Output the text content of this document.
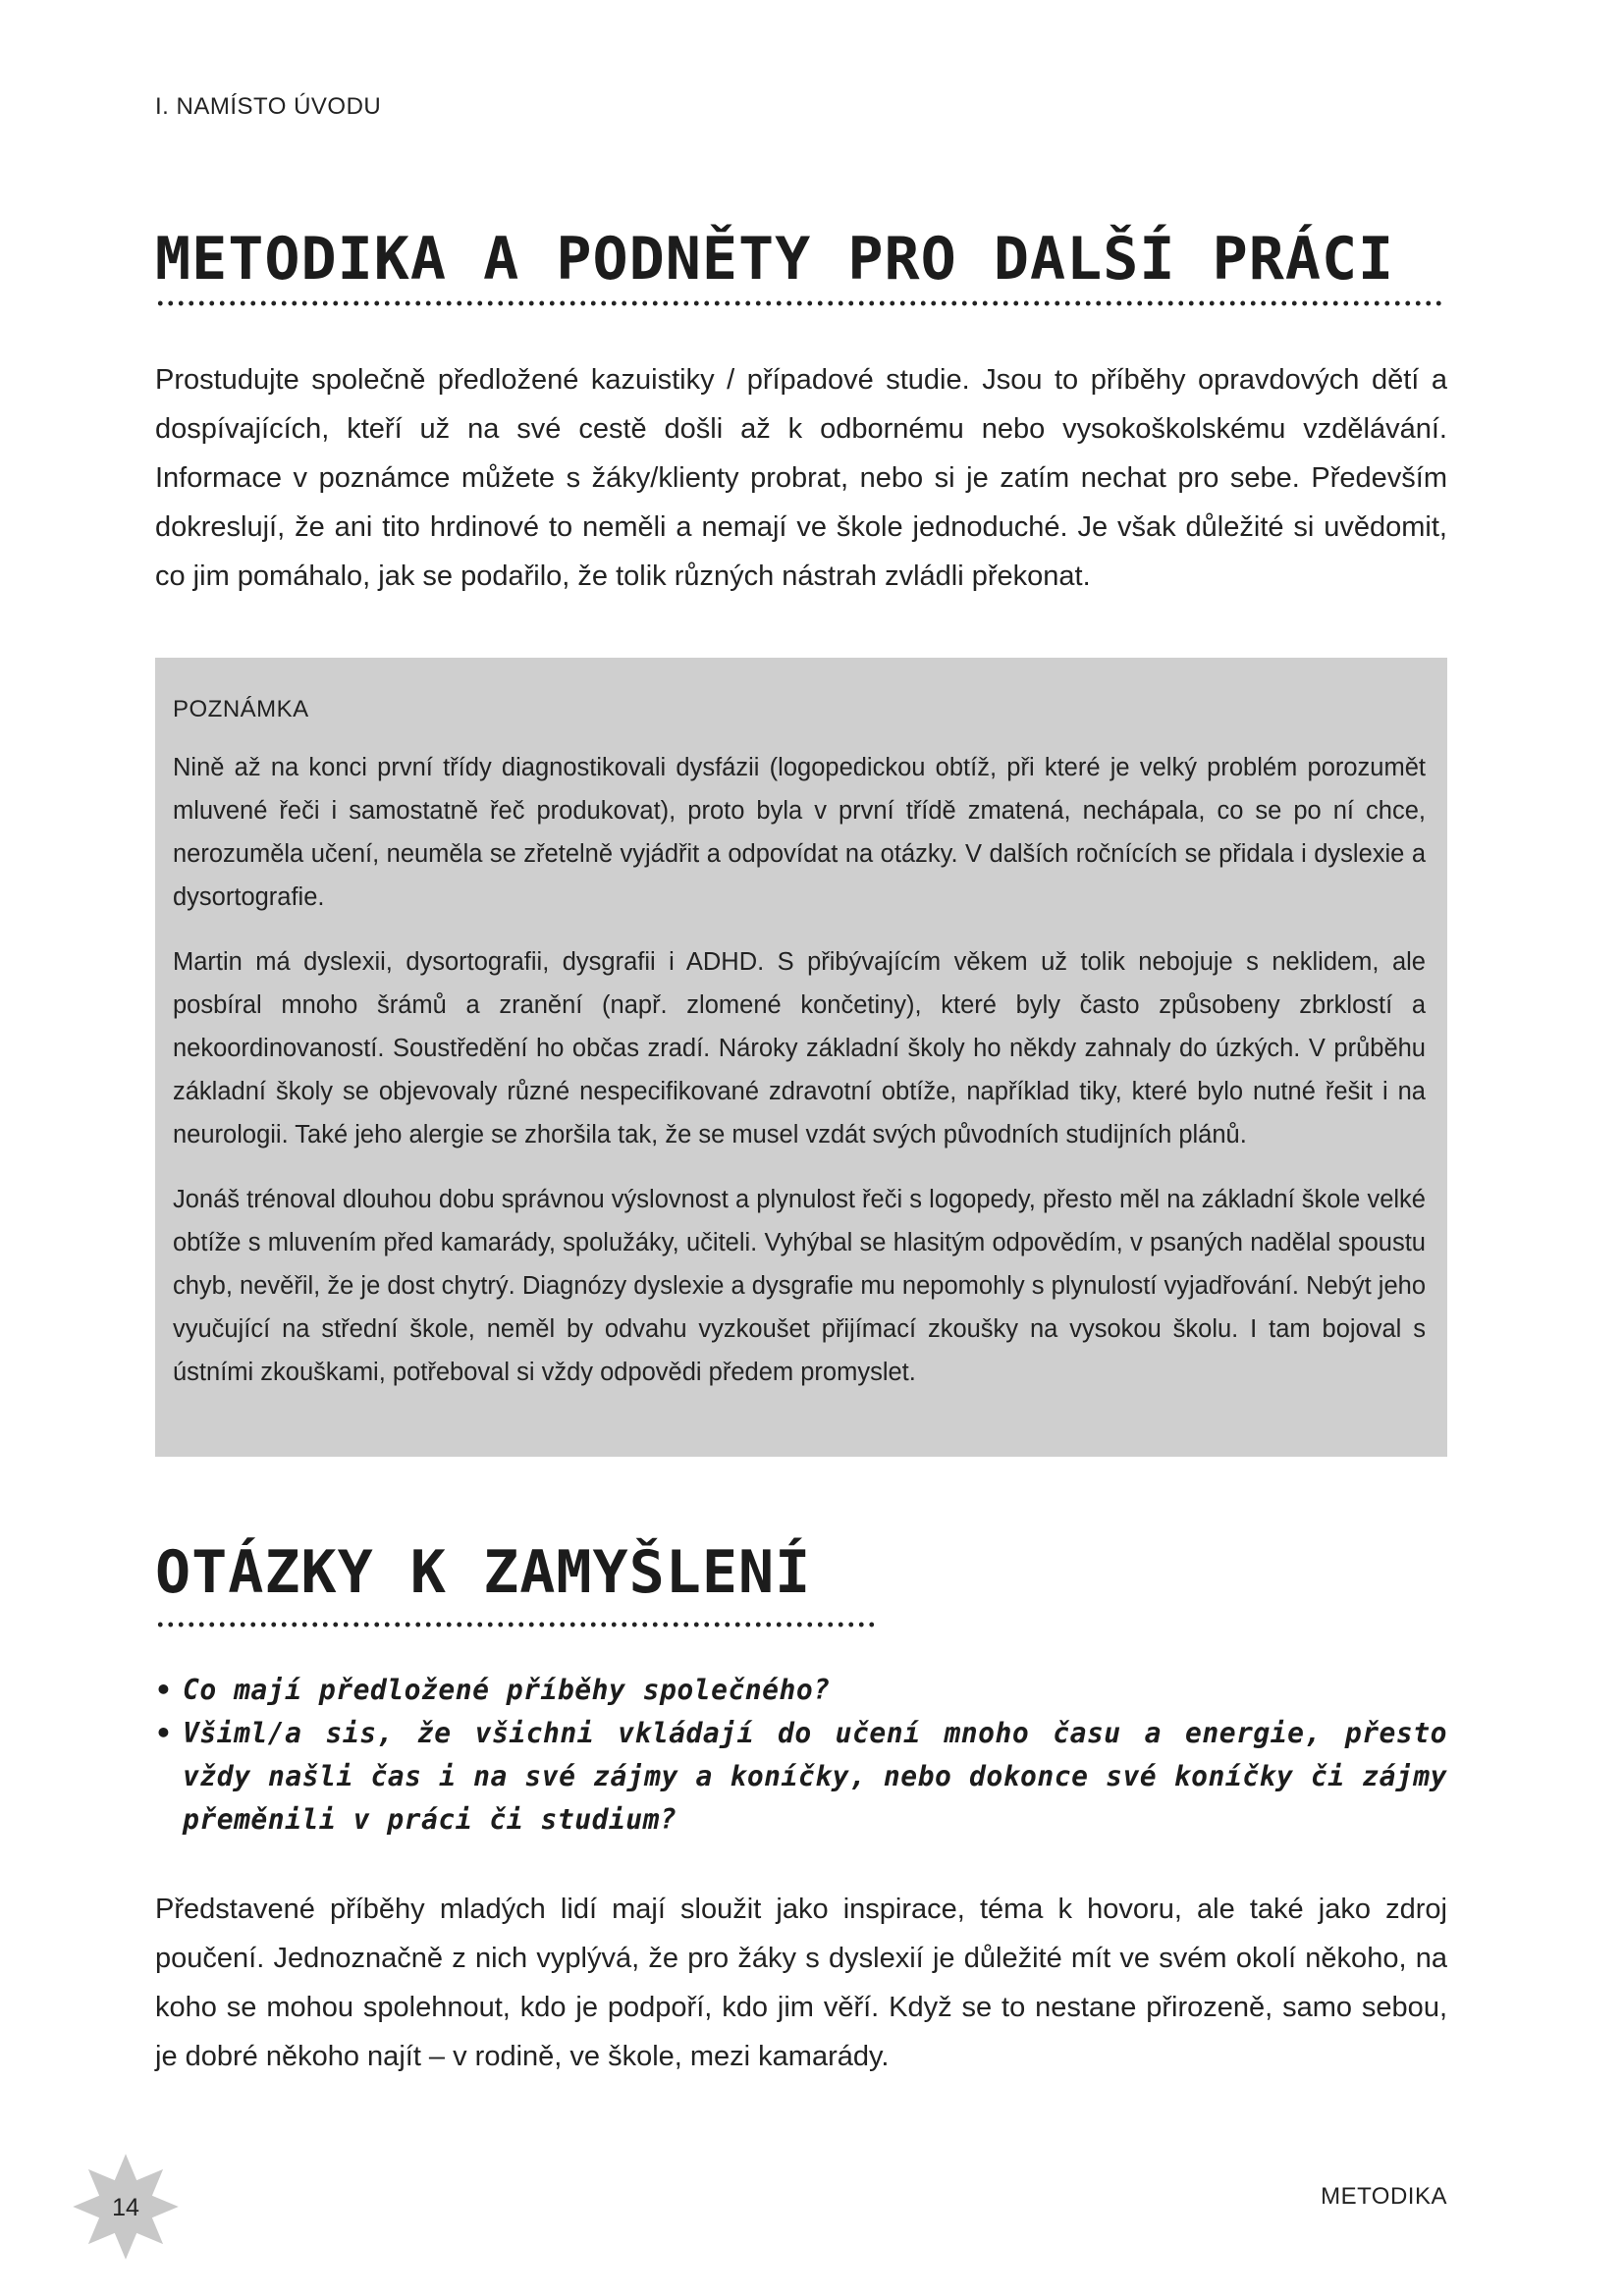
I. NAMÍSTO ÚVODU
METODIKA A PODNĚTY PRO DALŠÍ PRÁCI

Prostudujte společně předložené kazuistiky / případové studie. Jsou to příběhy opravdových dětí a dospívajících, kteří už na své cestě došli až k odbornému nebo vysokoškolskému vzdělávání. Informace v poznámce můžete s žáky/klienty probrat, nebo si je zatím nechat pro sebe. Především dokreslují, že ani tito hrdinové to neměli a nemají ve škole jednoduché. Je však důležité si uvědomit, co jim pomáhalo, jak se podařilo, že tolik různých nástrah zvládli překonat.

POZNÁMKA

Nině až na konci první třídy diagnostikovali dysfázii (logopedickou obtíž, při které je velký problém porozumět mluvené řeči i samostatně řeč produkovat), proto byla v první třídě zmatená, nechápala, co se po ní chce, nerozuměla učení, neuměla se zřetelně vyjádřit a odpovídat na otázky. V dalších ročnících se přidala i dyslexie a dysortografie.

Martin má dyslexii, dysortografii, dysgrafii i ADHD. S přibývajícím věkem už tolik nebojuje s neklidem, ale posbíral mnoho šrámů a zranění (např. zlomené končetiny), které byly často způsobeny zbrklostí a nekoordinovaností. Soustředění ho občas zradí. Nároky základní školy ho někdy zahnaly do úzkých. V průběhu základní školy se objevovaly různé nespecifikované zdravotní obtíže, například tiky, které bylo nutné řešit i na neurologii. Také jeho alergie se zhoršila tak, že se musel vzdát svých původních studijních plánů.

Jonáš trénoval dlouhou dobu správnou výslovnost a plynulost řeči s logopedy, přesto měl na základní škole velké obtíže s mluvením před kamarády, spolužáky, učiteli. Vyhýbal se hlasitým odpovědím, v psaných nadělal spoustu chyb, nevěřil, že je dost chytrý. Diagnózy dyslexie a dysgrafie mu nepomohly s plynulostí vyjadřování. Nebýt jeho vyučující na střední škole, neměl by odvahu vyzkoušet přijímací zkoušky na vysokou školu. I tam bojoval s ústními zkouškami, potřeboval si vždy odpovědi předem promyslet.

OTÁZKY K ZAMYŠLENÍ
• Co mají předložené příběhy společného?
• Všiml/a sis, že všichni vkládají do učení mnoho času a energie, přesto vždy našli čas i na své zájmy a koníčky, nebo dokonce své koníčky či zájmy přeměnili v práci či studium?

Představené příběhy mladých lidí mají sloužit jako inspirace, téma k hovoru, ale také jako zdroj poučení. Jednoznačně z nich vyplývá, že pro žáky s dyslexií je důležité mít ve svém okolí někoho, na koho se mohou spolehnout, kdo je podpoří, kdo jim věří. Když se to nestane přirozeně, samo sebou, je dobré někoho najít – v rodině, ve škole, mezi kamarády.

14	METODIKA
